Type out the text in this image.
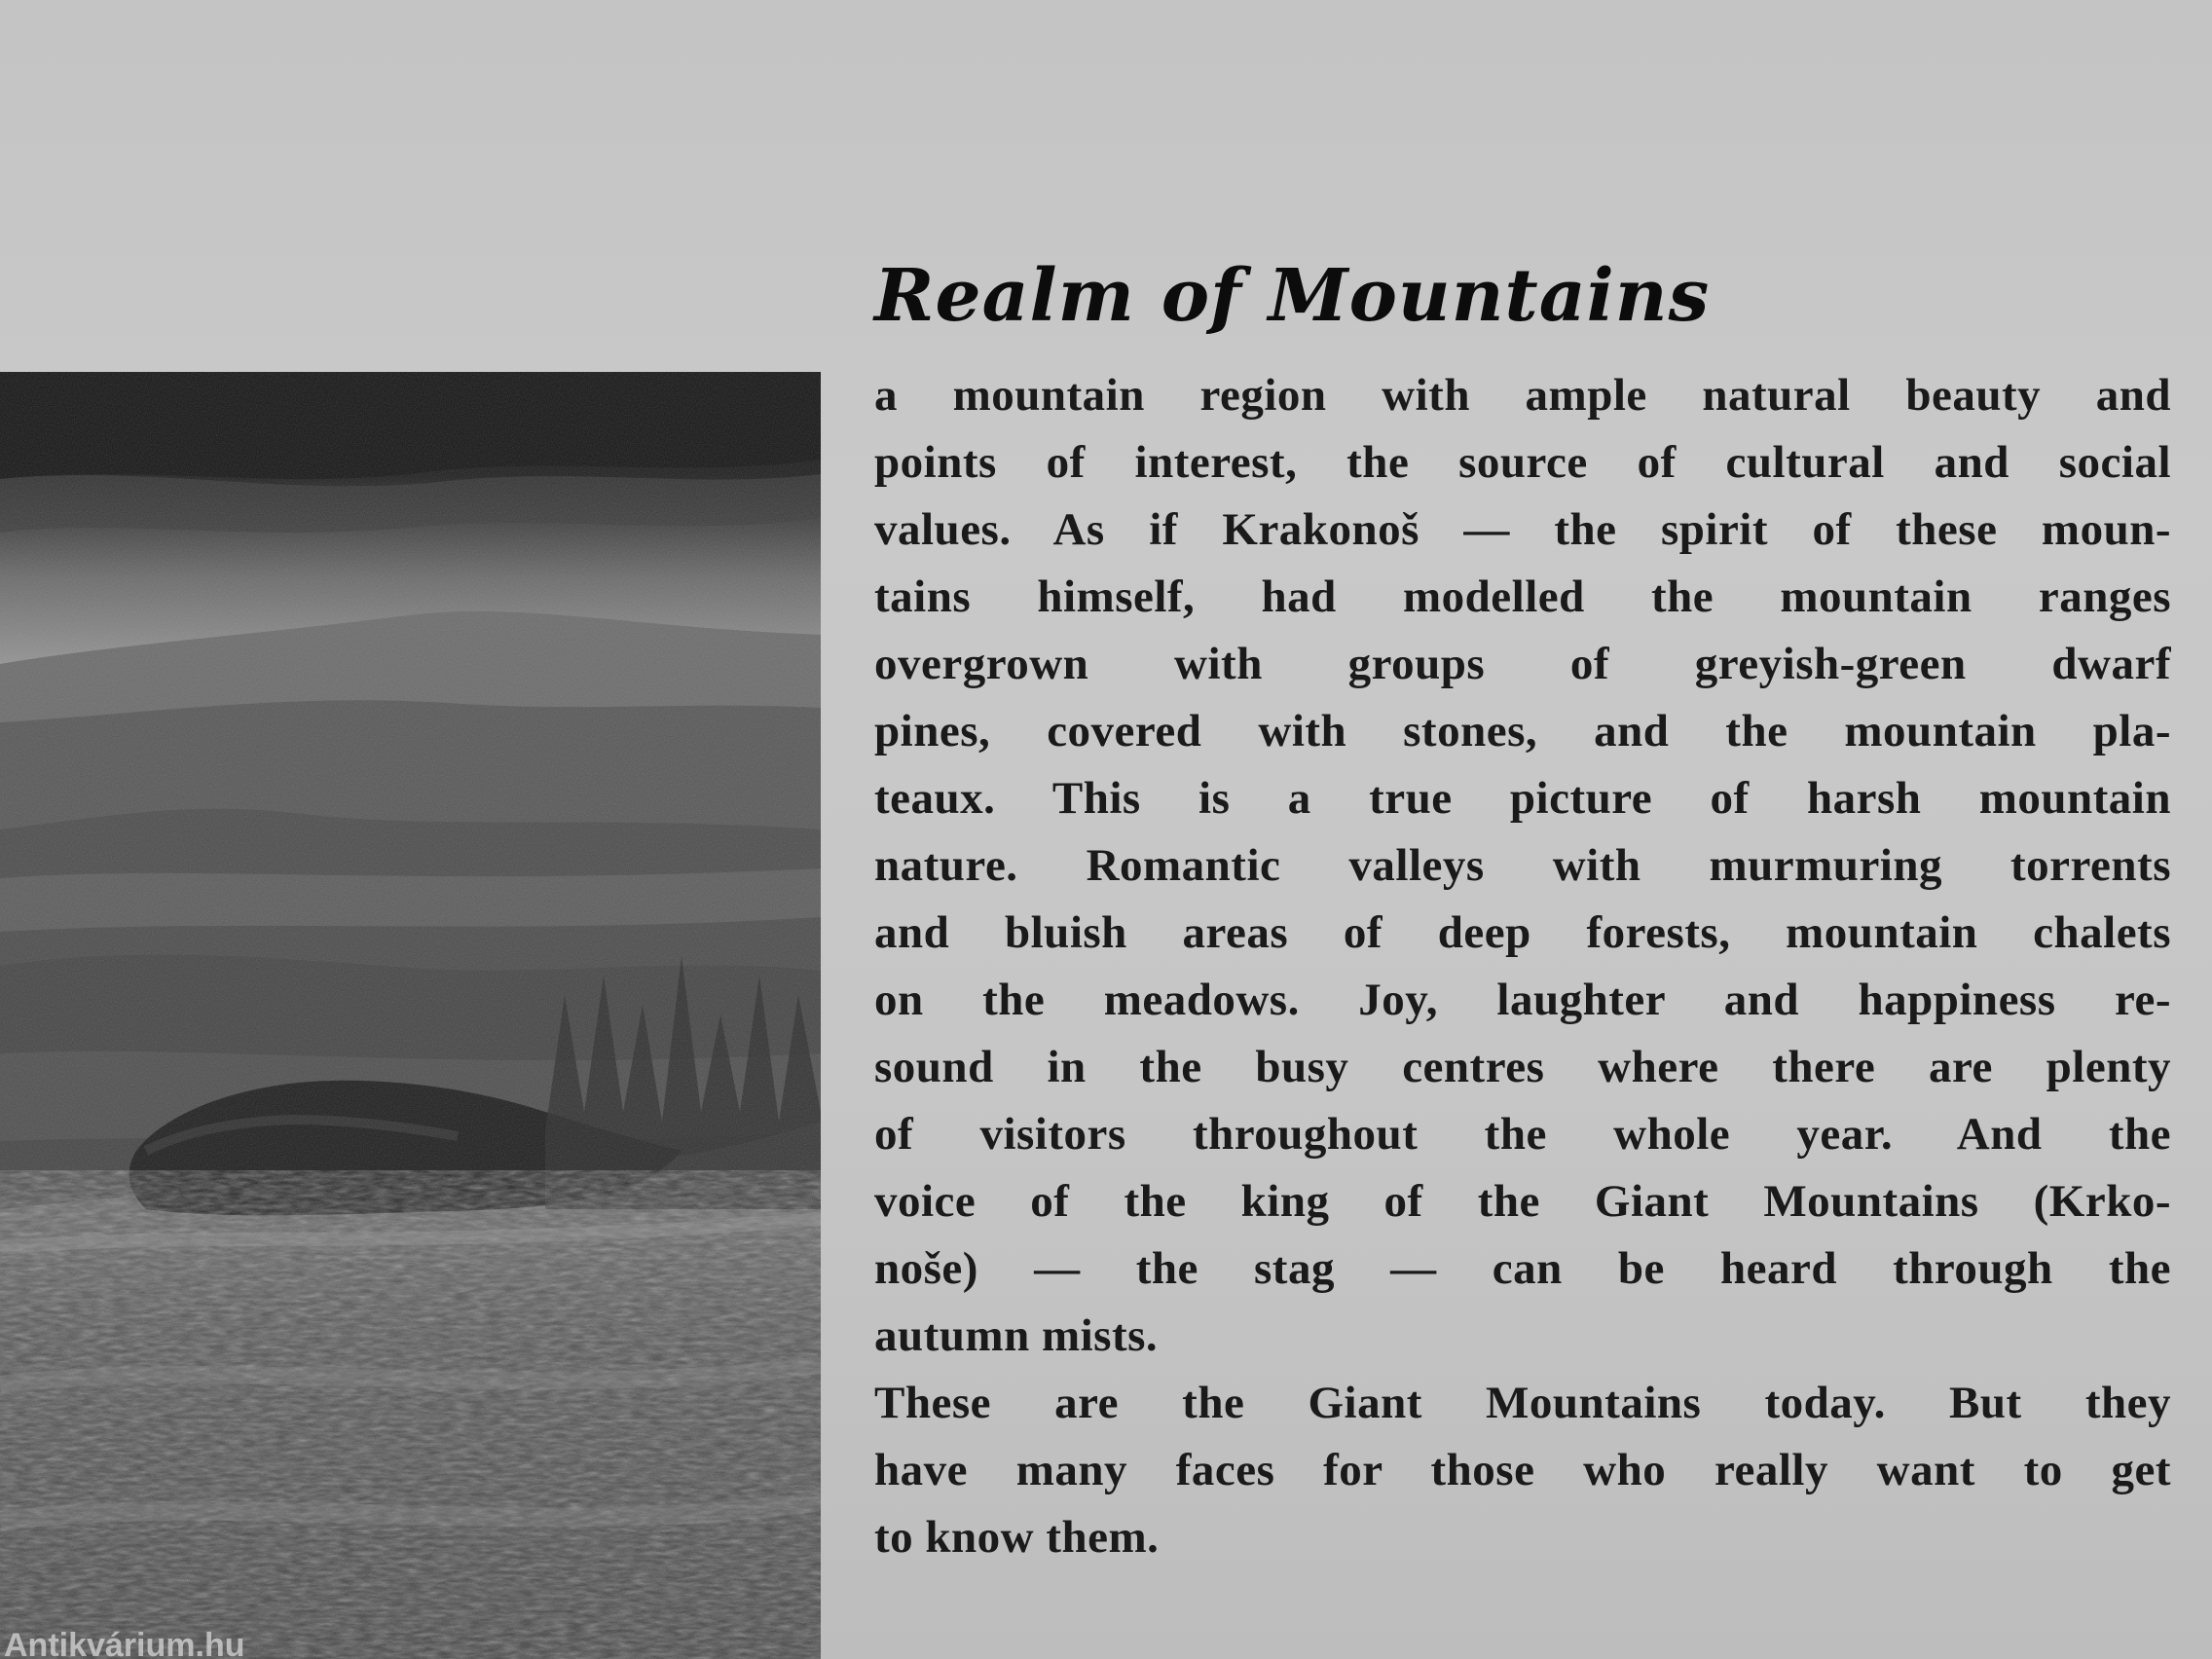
Antikvárium.hu
Realm of Mountains

a mountain region with ample natural beauty and

points of interest, the source of cultural and social

values. As if Krakonoš — the spirit of these moun-

tains himself, had modelled the mountain ranges

overgrown with groups of greyish-green dwarf

pines, covered with stones, and the mountain pla-

teaux. This is a true picture of harsh mountain

nature. Romantic valleys with murmuring torrents

and bluish areas of deep forests, mountain chalets

on the meadows. Joy, laughter and happiness re-

sound in the busy centres where there are plenty

of visitors throughout the whole year. And the

voice of the king of the Giant Mountains (Krko-

noše) — the stag — can be heard through the

autumn mists.

These are the Giant Mountains today. But they

have many faces for those who really want to get

to know them.
